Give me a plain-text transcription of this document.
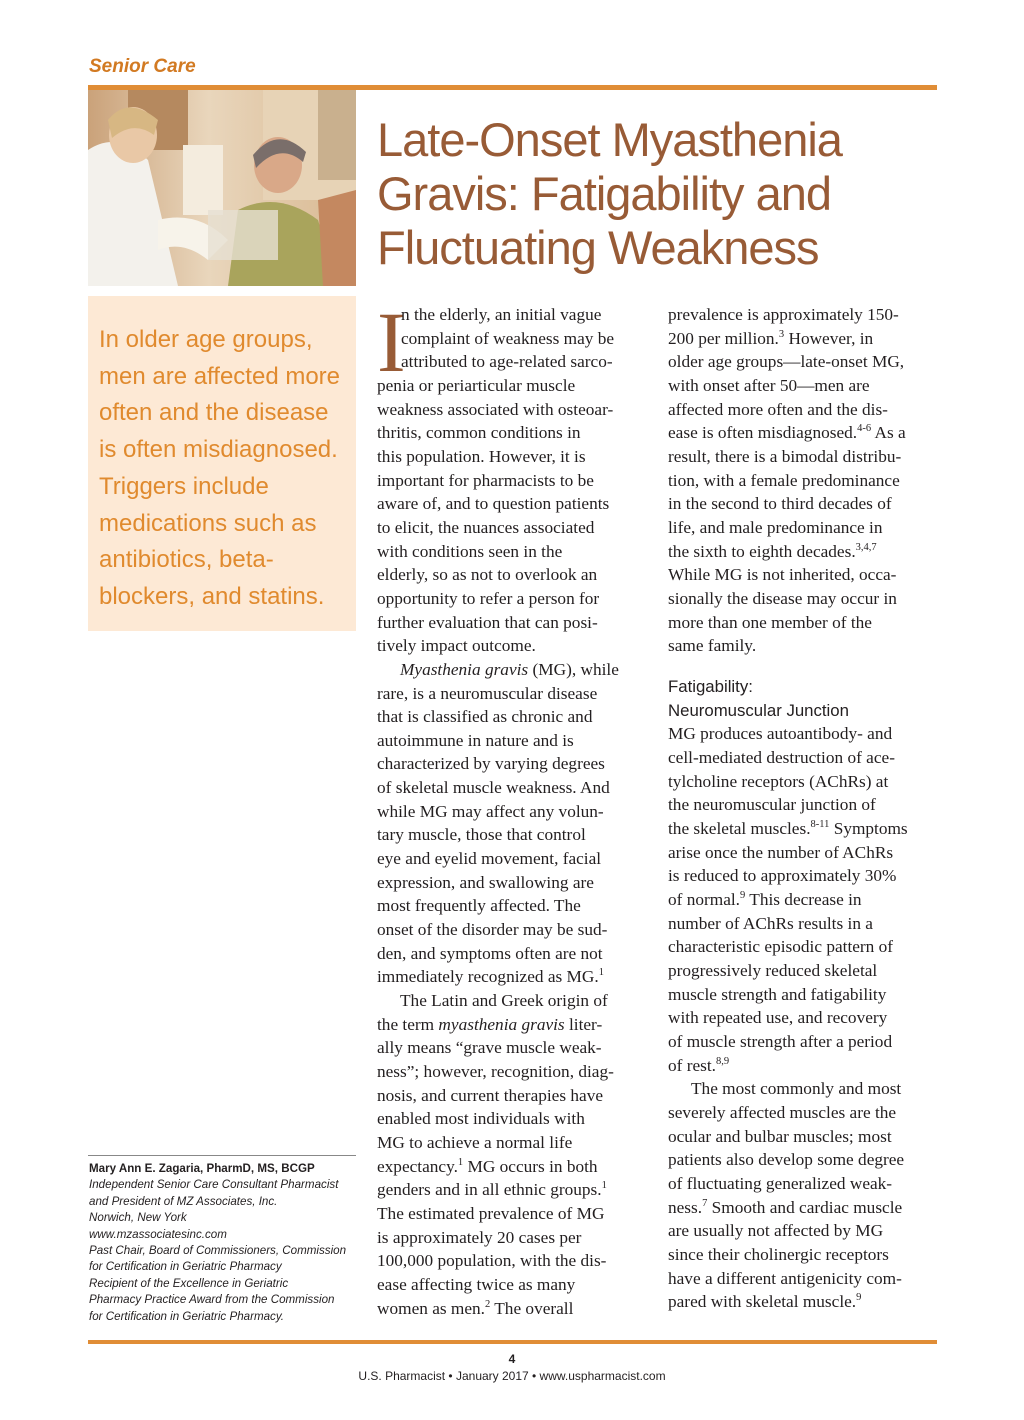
Senior Care
Late-Onset Myasthenia
Gravis: Fatigability and
Fluctuating Weakness
In older age groups,
men are affected more
often and the disease
is often misdiagnosed.
Triggers include
medications such as
antibiotics, beta-
blockers, and statins.
Mary Ann E. Zagaria, PharmD, MS, BCGP
Independent Senior Care Consultant Pharmacist
and President of MZ Associates, Inc.
Norwich, New York
www.mzassociatesinc.com
Past Chair, Board of Commissioners, Commission
for Certification in Geriatric Pharmacy
Recipient of the Excellence in Geriatric
Pharmacy Practice Award from the Commission
for Certification in Geriatric Pharmacy.
I
n the elderly, an initial vague
complaint of weakness may be
attributed to age-related sarco-
penia or periarticular muscle
weakness associated with osteoar-
thritis, common conditions in
this population. However, it is
important for pharmacists to be
aware of, and to question patients
to elicit, the nuances associated
with conditions seen in the
elderly, so as not to overlook an
opportunity to refer a person for
further evaluation that can posi-
tively impact outcome.
Myasthenia gravis (MG), while
rare, is a neuromuscular disease
that is classified as chronic and
autoimmune in nature and is
characterized by varying degrees
of skeletal muscle weakness. And
while MG may affect any volun-
tary muscle, those that control
eye and eyelid movement, facial
expression, and swallowing are
most frequently affected. The
onset of the disorder may be sud-
den, and symptoms often are not
immediately recognized as MG.$^1$
The Latin and Greek origin of
the term myasthenia gravis liter-
ally means “grave muscle weak-
ness”; however, recognition, diag-
nosis, and current therapies have
enabled most individuals with
MG to achieve a normal life
expectancy.$^1$ MG occurs in both
genders and in all ethnic groups.$^1$
The estimated prevalence of MG
is approximately 20 cases per
100,000 population, with the dis-
ease affecting twice as many
women as men.$^2$ The overall
prevalence is approximately 150-
200 per million.$^3$ However, in
older age groups—late-onset MG,
with onset after 50—men are
affected more often and the dis-
ease is often misdiagnosed.$^{4-6}$ As a
result, there is a bimodal distribu-
tion, with a female predominance
in the second to third decades of
life, and male predominance in
the sixth to eighth decades.$^{3,4,7}$
While MG is not inherited, occa-
sionally the disease may occur in
more than one member of the
same family.
Fatigability:
Neuromuscular Junction
MG produces autoantibody- and
cell-mediated destruction of ace-
tylcholine receptors (AChRs) at
the neuromuscular junction of
the skeletal muscles.$^{8-11}$ Symptoms
arise once the number of AChRs
is reduced to approximately 30%
of normal.$^9$ This decrease in
number of AChRs results in a
characteristic episodic pattern of
progressively reduced skeletal
muscle strength and fatigability
with repeated use, and recovery
of muscle strength after a period
of rest.$^{8,9}$
The most commonly and most
severely affected muscles are the
ocular and bulbar muscles; most
patients also develop some degree
of fluctuating generalized weak-
ness.$^7$ Smooth and cardiac muscle
are usually not affected by MG
since their cholinergic receptors
have a different antigenicity com-
pared with skeletal muscle.$^9$
4
U.S. Pharmacist • January 2017 • www.uspharmacist.com
